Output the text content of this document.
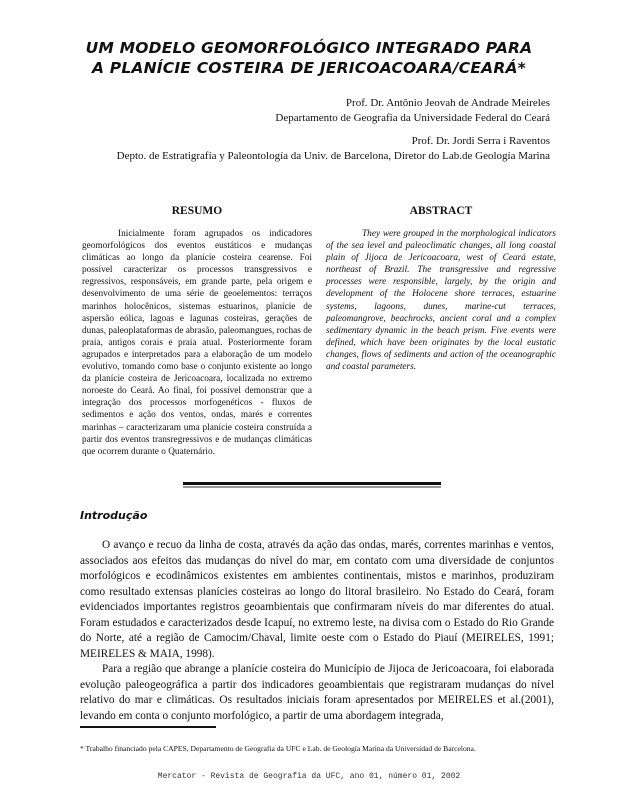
UM MODELO GEOMORFOLÓGICO INTEGRADO PARA
A PLANÍCIE COSTEIRA DE JERICOACOARA/CEARÁ*
Prof. Dr. Antônio Jeovah de Andrade Meireles
Departamento de Geografia da Universidade Federal do Ceará
Prof. Dr. Jordi Serra i Raventos
Depto. de Estratigrafía y Paleontología da Univ. de Barcelona, Diretor do Lab.de Geología Marina
RESUMO	ABSTRACT

Inicialmente foram agrupados os indicadores geomorfológicos dos eventos eustáticos e mudanças climáticas ao longo da planície costeira cearense. Foi possível caracterizar os processos transgressivos e regressivos, responsáveis, em grande parte, pela origem e desenvolvimento de uma série de geoelementos: terraços marinhos holocênicos, sistemas estuarinos, planície de aspersão eólica, lagoas e lagunas costeiras, gerações de dunas, paleoplataformas de abrasão, paleomangues, rochas de praia, antigos corais e praia atual. Posteriormente foram agrupados e interpretados para a elaboração de um modelo evolutivo, tomando como base o conjunto existente ao longo da planície costeira de Jericoacoara, localizada no extremo noroeste do Ceará. Ao final, foi possível demonstrar que a integração dos processos morfogenéticos - fluxos de sedimentos e ação dos ventos, ondas, marés e correntes marinhas – caracterizaram uma planície costeira construída a partir dos eventos transregressivos e de mudanças climáticas que ocorrem durante o Quaternário.

They were grouped in the morphological indicators of the sea level and paleoclimatic changes, all long coastal plain of Jijoca de Jericoacoara, west of Ceará estate, northeast of Brazil. The transgressive and regressive processes were responsible, largely, by the origin and development of the Holocene shore terraces, estuarine systems, lagoons, dunes, marine-cut terraces, paleomangrove, beachrocks, ancient coral and a complex sedimentary dynamic in the beach prism. Five events were defined, which have been originates by the local eustatic changes, flows of sediments and action of the oceanographic and coastal parameters.

Introdução

O avanço e recuo da linha de costa, através da ação das ondas, marés, correntes marinhas e ventos, associados aos efeitos das mudanças do nível do mar, em contato com uma diversidade de conjuntos morfológicos e ecodinâmicos existentes em ambientes continentais, mistos e marinhos, produziram como resultado extensas planícies costeiras ao longo do litoral brasileiro. No Estado do Ceará, foram evidenciados importantes registros geoambientais que confirmaram níveis do mar diferentes do atual. Foram estudados e caracterizados desde Icapuí, no extremo leste, na divisa com o Estado do Rio Grande do Norte, até a região de Camocim/Chaval, limite oeste com o Estado do Piauí (MEIRELES, 1991; MEIRELES & MAIA, 1998).

Para a região que abrange a planície costeira do Município de Jijoca de Jericoacoara, foi elaborada evolução paleogeográfica a partir dos indicadores geoambientais que registraram mudanças do nível relativo do mar e climáticas. Os resultados iniciais foram apresentados por MEIRELES et al.(2001), levando em conta o conjunto morfológico, a partir de uma abordagem integrada,

* Trabalho financiado pela CAPES, Departamento de Geografia da UFC e Lab. de Geología Marina da Universidad de Barcelona.
Mercator - Revista de Geografia da UFC, ano 01, número 01, 2002
